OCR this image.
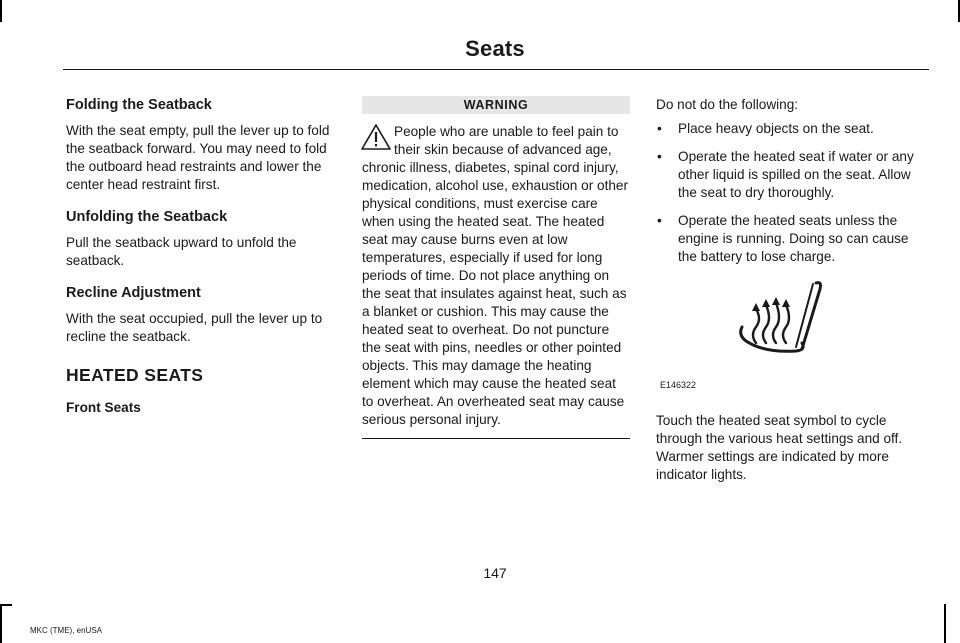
Seats
Folding the Seatback
With the seat empty, pull the lever up to fold the seatback forward. You may need to fold the outboard head restraints and lower the center head restraint first.
Unfolding the Seatback
Pull the seatback upward to unfold the seatback.
Recline Adjustment
With the seat occupied, pull the lever up to recline the seatback.
HEATED SEATS
Front Seats
WARNING
People who are unable to feel pain to their skin because of advanced age, chronic illness, diabetes, spinal cord injury, medication, alcohol use, exhaustion or other physical conditions, must exercise care when using the heated seat. The heated seat may cause burns even at low temperatures, especially if used for long periods of time. Do not place anything on the seat that insulates against heat, such as a blanket or cushion. This may cause the heated seat to overheat. Do not puncture the seat with pins, needles or other pointed objects. This may damage the heating element which may cause the heated seat to overheat. An overheated seat may cause serious personal injury.
Do not do the following:
• Place heavy objects on the seat.
• Operate the heated seat if water or any other liquid is spilled on the seat. Allow the seat to dry thoroughly.
• Operate the heated seats unless the engine is running. Doing so can cause the battery to lose charge.
E146322
Touch the heated seat symbol to cycle through the various heat settings and off. Warmer settings are indicated by more indicator lights.
147
MKC (TME), enUSA
